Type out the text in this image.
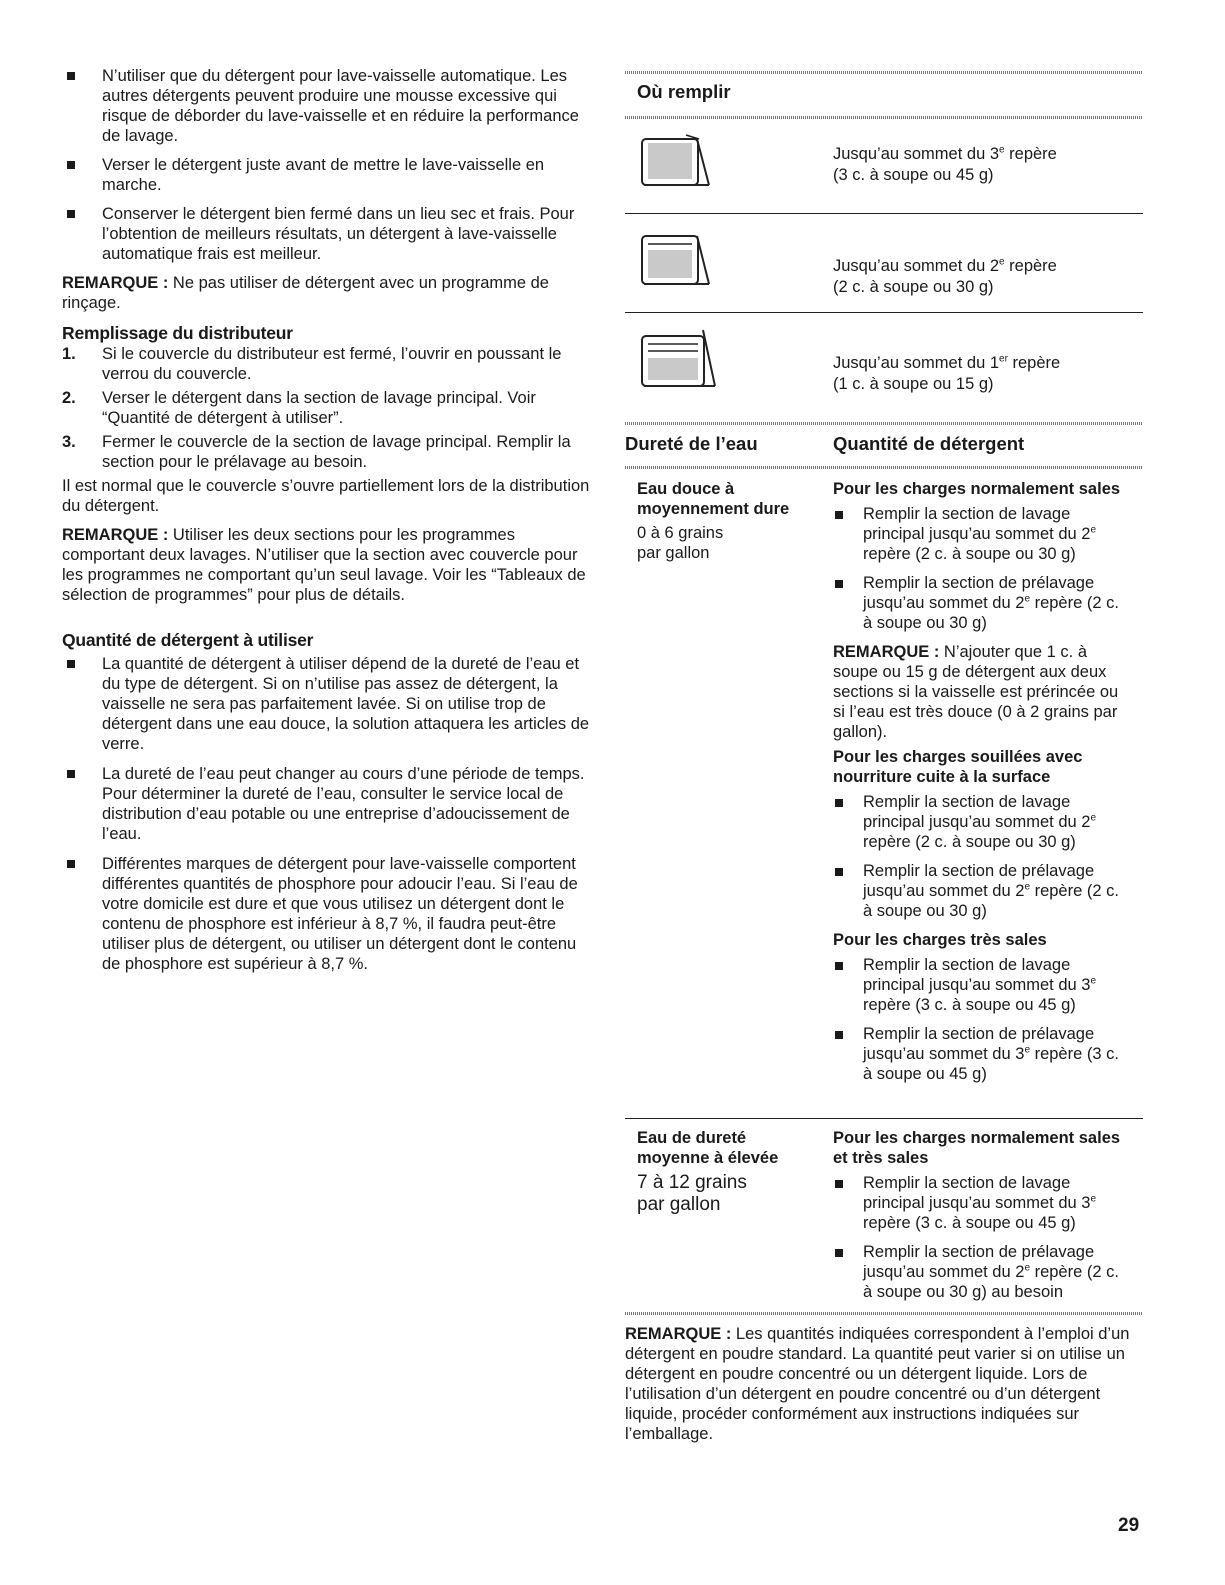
N’utiliser que du détergent pour lave-vaisselle automatique. Les autres détergents peuvent produire une mousse excessive qui risque de déborder du lave-vaisselle et en réduire la performance de lavage.
Verser le détergent juste avant de mettre le lave-vaisselle en marche.
Conserver le détergent bien fermé dans un lieu sec et frais. Pour l’obtention de meilleurs résultats, un détergent à lave-vaisselle automatique frais est meilleur.

REMARQUE : Ne pas utiliser de détergent avec un programme de rinçage.

Remplissage du distributeur
1. Si le couvercle du distributeur est fermé, l’ouvrir en poussant le verrou du couvercle.
2. Verser le détergent dans la section de lavage principal. Voir “Quantité de détergent à utiliser”.
3. Fermer le couvercle de la section de lavage principal. Remplir la section pour le prélavage au besoin.

Il est normal que le couvercle s’ouvre partiellement lors de la distribution du détergent.

REMARQUE : Utiliser les deux sections pour les programmes comportant deux lavages. N’utiliser que la section avec couvercle pour les programmes ne comportant qu’un seul lavage. Voir les “Tableaux de sélection de programmes” pour plus de détails.

Quantité de détergent à utiliser
La quantité de détergent à utiliser dépend de la dureté de l’eau et du type de détergent. Si on n’utilise pas assez de détergent, la vaisselle ne sera pas parfaitement lavée. Si on utilise trop de détergent dans une eau douce, la solution attaquera les articles de verre.
La dureté de l’eau peut changer au cours d’une période de temps. Pour déterminer la dureté de l’eau, consulter le service local de distribution d’eau potable ou une entreprise d’adoucissement de l’eau.
Différentes marques de détergent pour lave-vaisselle comportent différentes quantités de phosphore pour adoucir l’eau. Si l’eau de votre domicile est dure et que vous utilisez un détergent dont le contenu de phosphore est inférieur à 8,7 %, il faudra peut-être utiliser plus de détergent, ou utiliser un détergent dont le contenu de phosphore est supérieur à 8,7 %.
Où remplir
Jusqu’au sommet du 3e repère
(3 c. à soupe ou 45 g)
Jusqu’au sommet du 2e repère
(2 c. à soupe ou 30 g)
Jusqu’au sommet du 1er repère
(1 c. à soupe ou 15 g)
Dureté de l’eau	Quantité de détergent
Eau douce à moyennement dure
0 à 6 grains par gallon

Pour les charges normalement sales

Remplir la section de lavage principal jusqu’au sommet du 2e repère (2 c. à soupe ou 30 g)
Remplir la section de prélavage jusqu’au sommet du 2e repère (2 c. à soupe ou 30 g)

REMARQUE : N’ajouter que 1 c. à soupe ou 15 g de détergent aux deux sections si la vaisselle est prérincée ou si l’eau est très douce (0 à 2 grains par gallon).

Pour les charges souillées avec nourriture cuite à la surface

Remplir la section de lavage principal jusqu’au sommet du 2e repère (2 c. à soupe ou 30 g)
Remplir la section de prélavage jusqu’au sommet du 2e repère (2 c. à soupe ou 30 g)

Pour les charges très sales

Remplir la section de lavage principal jusqu’au sommet du 3e repère (3 c. à soupe ou 45 g)
Remplir la section de prélavage jusqu’au sommet du 3e repère (3 c. à soupe ou 45 g)
Eau de dureté moyenne à élevée
7 à 12 grains par gallon

Pour les charges normalement sales et très sales

Remplir la section de lavage principal jusqu’au sommet du 3e repère (3 c. à soupe ou 45 g)
Remplir la section de prélavage jusqu’au sommet du 2e repère (2 c. à soupe ou 30 g) au besoin
REMARQUE : Les quantités indiquées correspondent à l’emploi d’un détergent en poudre standard. La quantité peut varier si on utilise un détergent en poudre concentré ou un détergent liquide. Lors de l’utilisation d’un détergent en poudre concentré ou d’un détergent liquide, procéder conformément aux instructions indiquées sur l’emballage.
29
